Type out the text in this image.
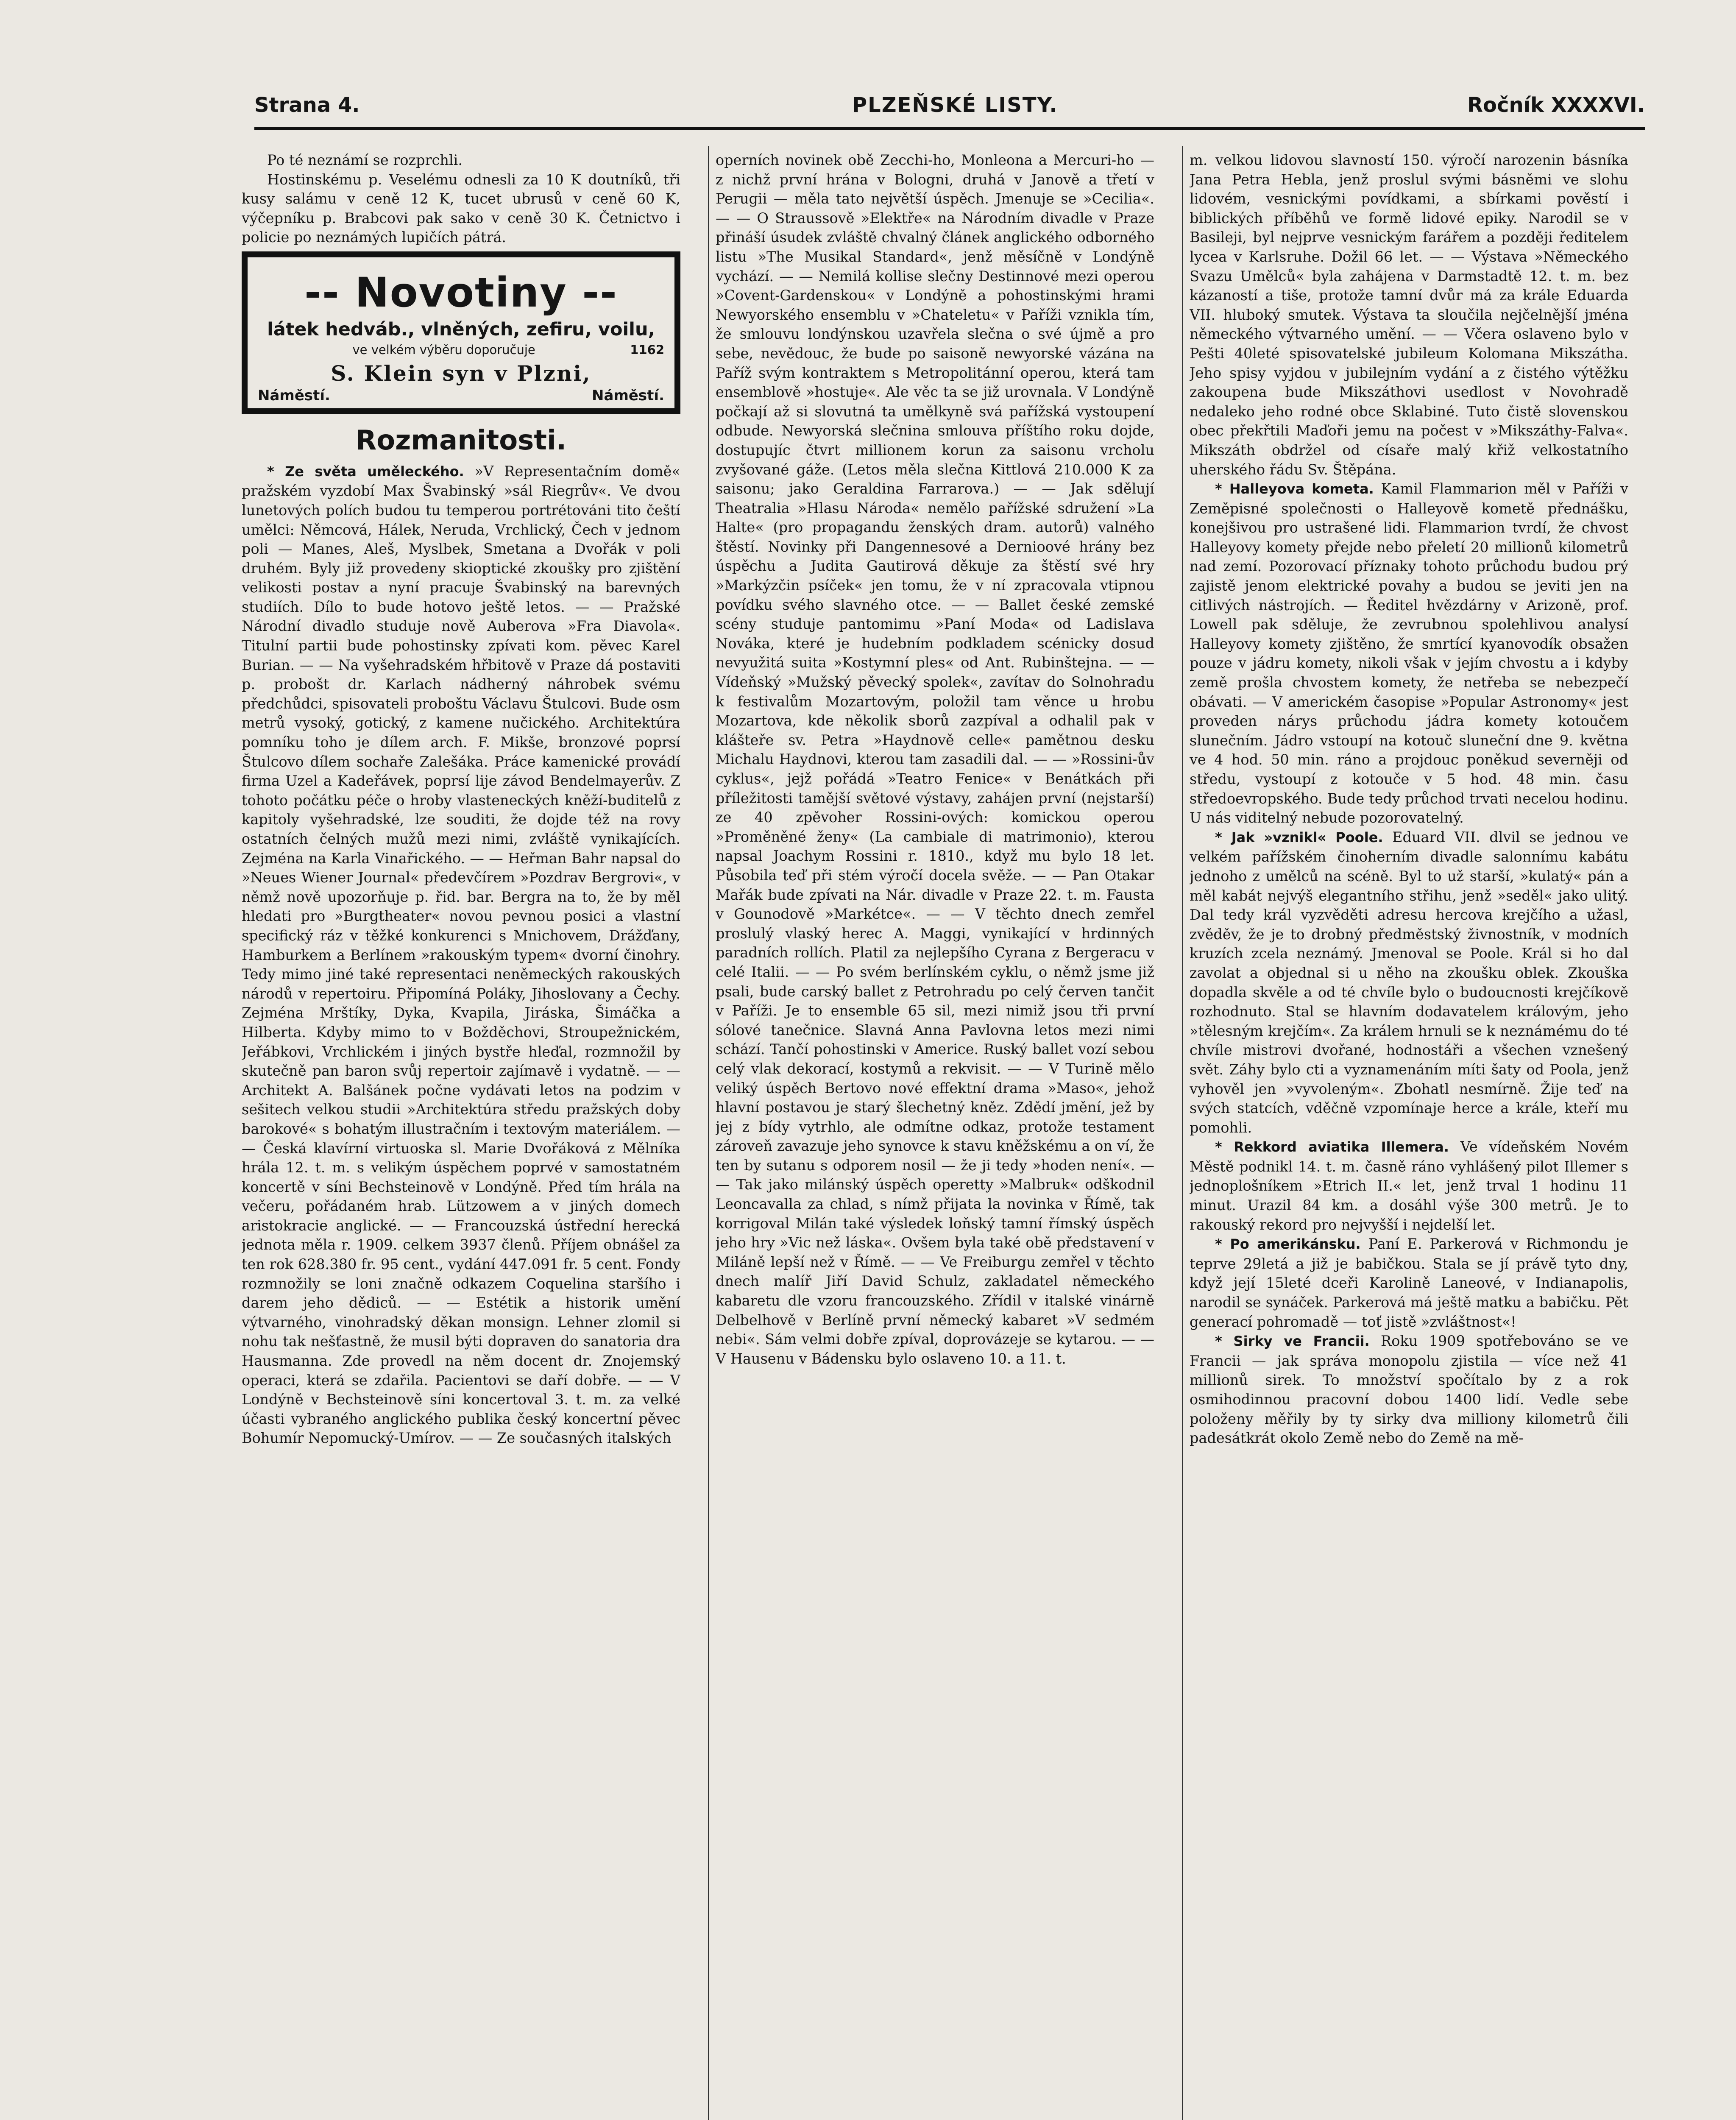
Strana 4.	PLZEŇSKÉ LISTY.	Ročník XXXXVI.

Po té neznámí se rozprchli.

Hostinskému p. Veselému odnesli za 10 K doutníků, tři kusy salámu v ceně 12 K, tucet ubrusů v ceně 60 K, výčepníku p. Brabcovi pak sako v ceně 30 K. Četnictvo i policie po neznámých lupičích pátrá.

-- Novotiny --
látek hedváb., vlněných, zefiru, voilu,
ve velkém výběru doporučuje	1162
S. Klein syn v Plzni,
Náměstí.	Náměstí.
Rozmanitosti.

* Ze světa uměleckého. »V Representačním domě« pražském vyzdobí Max Švabinský »sál Riegrův«. Ve dvou lunetových polích budou tu temperou portrétováni tito čeští umělci: Němcová, Hálek, Neruda, Vrchlický, Čech v jednom poli — Manes, Aleš, Myslbek, Smetana a Dvořák v poli druhém. Byly již provedeny skioptické zkoušky pro zjištění velikosti postav a nyní pracuje Švabinský na barevných studiích. Dílo to bude hotovo ještě letos. — — Pražské Národní divadlo studuje nově Auberova »Fra Diavola«. Titulní partii bude pohostinsky zpívati kom. pěvec Karel Burian. — — Na vyšehradském hřbitově v Praze dá postaviti p. probošt dr. Karlach nádherný náhrobek svému předchůdci, spisovateli proboštu Václavu Štulcovi. Bude osm metrů vysoký, gotický, z kamene nučického. Architektúra pomníku toho je dílem arch. F. Mikše, bronzové poprsí Štulcovo dílem sochaře Zalešáka. Práce kamenické provádí firma Uzel a Kadeřávek, poprsí lije závod Bendelmayerův. Z tohoto počátku péče o hroby vlasteneckých kněží-buditelů z kapitoly vyšehradské, lze souditi, že dojde též na rovy ostatních čelných mužů mezi nimi, zvláště vynikajících. Zejména na Karla Vinařického. — — Heřman Bahr napsal do »Neues Wiener Journal« předevčírem »Pozdrav Bergrovi«, v němž nově upozorňuje p. řid. bar. Bergra na to, že by měl hledati pro »Burgtheater« novou pevnou posici a vlastní specifický ráz v těžké konkurenci s Mnichovem, Drážďany, Hamburkem a Berlínem »rakouským typem« dvorní činohry. Tedy mimo jiné také representaci neněmeckých rakouských národů v repertoiru. Připomíná Poláky, Jihoslovany a Čechy. Zejména Mrštíky, Dyka, Kvapila, Jiráska, Šimáčka a Hilberta. Kdyby mimo to v Božděchovi, Stroupežnickém, Jeřábkovi, Vrchlickém i jiných bystře hleďal, rozmnožil by skutečně pan baron svůj repertoir zajímavě i vydatně. — — Architekt A. Balšánek počne vydávati letos na podzim v sešitech velkou studii »Architektúra středu pražských doby barokové« s bohatým illustračním i textovým materiálem. — — Česká klavírní virtuoska sl. Marie Dvořáková z Mělníka hrála 12. t. m. s velikým úspěchem poprvé v samostatném koncertě v síni Bechsteinově v Londýně. Před tím hrála na večeru, pořádaném hrab. Lützowem a v jiných domech aristokracie anglické. — — Francouzská ústřední herecká jednota měla r. 1909. celkem 3937 členů. Příjem obnášel za ten rok 628.380 fr. 95 cent., vydání 447.091 fr. 5 cent. Fondy rozmnožily se loni značně odkazem Coquelina staršího i darem jeho dědiců. — — Estétik a historik umění výtvarného, vinohradský děkan monsign. Lehner zlomil si nohu tak nešťastně, že musil býti dopraven do sanatoria dra Hausmanna. Zde provedl na něm docent dr. Znojemský operaci, která se zdařila. Pacientovi se daří dobře. — — V Londýně v Bechsteinově síni koncertoval 3. t. m. za velké účasti vybraného anglického publika český koncertní pěvec Bohumír Nepomucký-Umírov. — — Ze současných italských

operních novinek obě Zecchi-ho, Monleona a Mercuri-ho — z nichž první hrána v Bologni, druhá v Janově a třetí v Perugii — měla tato největší úspěch. Jmenuje se »Cecilia«. — — O Straussově »Elektře« na Národním divadle v Praze přináší úsudek zvláště chvalný článek anglického odborného listu »The Musikal Standard«, jenž měsíčně v Londýně vychází. — — Nemilá kollise slečny Destinnové mezi operou »Covent-Gardenskou« v Londýně a pohostinskými hrami Newyorského ensemblu v »Chateletu« v Paříži vznikla tím, že smlouvu londýnskou uzavřela slečna o své újmě a pro sebe, nevědouc, že bude po saisoně newyorské vázána na Paříž svým kontraktem s Metropolitánní operou, která tam ensemblově »hostuje«. Ale věc ta se již urovnala. V Londýně počkají až si slovutná ta umělkyně svá pařížská vystoupení odbude. Newyorská slečnina smlouva příštího roku dojde, dostupujíc čtvrt millionem korun za saisonu vrcholu zvyšované gáže. (Letos měla slečna Kittlová 210.000 K za saisonu; jako Geraldina Farrarova.) — — Jak sdělují Theatralia »Hlasu Národa« nemělo pařížské sdružení »La Halte« (pro propagandu ženských dram. autorů) valného štěstí. Novinky při Dangennesové a Dernioové hrány bez úspěchu a Judita Gautirová děkuje za štěstí své hry »Markýzčin psíček« jen tomu, že v ní zpracovala vtipnou povídku svého slavného otce. — — Ballet české zemské scény studuje pantomimu »Paní Moda« od Ladislava Nováka, které je hudebním podkladem scénicky dosud nevyužitá suita »Kostymní ples« od Ant. Rubinštejna. — — Vídeňský »Mužský pěvecký spolek«, zavítav do Solnohradu k festivalům Mozartovým, položil tam věnce u hrobu Mozartova, kde několik sborů zazpíval a odhalil pak v klášteře sv. Petra »Haydnově celle« pamětnou desku Michalu Haydnovi, kterou tam zasadili dal. — — »Rossini-ův cyklus«, jejž pořádá »Teatro Fenice« v Benátkách při příležitosti tamější světové výstavy, zahájen první (nejstarší) ze 40 zpěvoher Rossini-ových: komickou operou »Proměněné ženy« (La cambiale di matrimonio), kterou napsal Joachym Rossini r. 1810., když mu bylo 18 let. Působila teď při stém výročí docela svěže. — — Pan Otakar Mařák bude zpívati na Nár. divadle v Praze 22. t. m. Fausta v Gounodově »Markétce«. — — V těchto dnech zemřel proslulý vlaský herec A. Maggi, vynikající v hrdinných paradních rollích. Platil za nejlepšího Cyrana z Bergeracu v celé Italii. — — Po svém berlínském cyklu, o němž jsme již psali, bude carský ballet z Petrohradu po celý červen tančit v Paříži. Je to ensemble 65 sil, mezi nimiž jsou tři první sólové tanečnice. Slavná Anna Pavlovna letos mezi nimi schází. Tančí pohostinski v Americe. Ruský ballet vozí sebou celý vlak dekorací, kostymů a rekvisit. — — V Turině mělo veliký úspěch Bertovo nové effektní drama »Maso«, jehož hlavní postavou je starý šlechetný kněz. Zdědí jmění, jež by jej z bídy vytrhlo, ale odmítne odkaz, protože testament zároveň zavazuje jeho synovce k stavu kněžskému a on ví, že ten by sutanu s odporem nosil — že ji tedy »hoden není«. — — Tak jako milánský úspěch operetty »Malbruk« odškodnil Leoncavalla za chlad, s nímž přijata la novinka v Římě, tak korrigoval Milán také výsledek loňský tamní římský úspěch jeho hry »Vic než láska«. Ovšem byla také obě představení v Miláně lepší než v Římě. — — Ve Freiburgu zemřel v těchto dnech malíř Jiří David Schulz, zakladatel německého kabaretu dle vzoru francouzského. Zřídil v italské vinárně Delbelhově v Berlíně první německý kabaret »V sedmém nebi«. Sám velmi dobře zpíval, doprovázeje se kytarou. — — V Hausenu v Bádensku bylo oslaveno 10. a 11. t.

m. velkou lidovou slavností 150. výročí narozenin básníka Jana Petra Hebla, jenž proslul svými básněmi ve slohu lidovém, vesnickými povídkami, a sbírkami pověstí i biblických příběhů ve formě lidové epiky. Narodil se v Basileji, byl nejprve vesnickým farářem a později ředitelem lycea v Karlsruhe. Dožil 66 let. — — Výstava »Německého Svazu Umělců« byla zahájena v Darmstadtě 12. t. m. bez kázaností a tiše, protože tamní dvůr má za krále Eduarda VII. hluboký smutek. Výstava ta sloučila nejčelnější jména německého výtvarného umění. — — Včera oslaveno bylo v Pešti 40leté spisovatelské jubileum Kolomana Mikszátha. Jeho spisy vyjdou v jubilejním vydání a z čistého výtěžku zakoupena bude Mikszáthovi usedlost v Novohradě nedaleko jeho rodné obce Sklabiné. Tuto čistě slovenskou obec překřtili Maďoři jemu na počest v »Mikszáthy-Falva«. Mikszáth obdržel od císaře malý křiž velkostatního uherského řádu Sv. Štěpána.

* Halleyova kometa. Kamil Flammarion měl v Paříži v Zeměpisné společnosti o Halleyově kometě přednášku, konejšivou pro ustrašené lidi. Flammarion tvrdí, že chvost Halleyovy komety přejde nebo přeletí 20 millionů kilometrů nad zemí. Pozorovací příznaky tohoto průchodu budou prý zajistě jenom elektrické povahy a budou se jeviti jen na citlivých nástrojích. — Ředitel hvězdárny v Arizoně, prof. Lowell pak sděluje, že zevrubnou spolehlivou analysí Halleyovy komety zjištěno, že smrtící kyanovodík obsažen pouze v jádru komety, nikoli však v jejím chvostu a i kdyby země prošla chvostem komety, že netřeba se nebezpečí obávati. — V americkém časopise »Popular Astronomy« jest proveden nárys průchodu jádra komety kotoučem slunečním. Jádro vstoupí na kotouč sluneční dne 9. května ve 4 hod. 50 min. ráno a projdouc poněkud severněji od středu, vystoupí z kotouče v 5 hod. 48 min. času středoevropského. Bude tedy průchod trvati necelou hodinu. U nás viditelný nebude pozorovatelný.

* Jak »vznikl« Poole. Eduard VII. dlvil se jednou ve velkém pařížském činoherním divadle salonnímu kabátu jednoho z umělců na scéně. Byl to už starší, »kulatý« pán a měl kabát nejvýš elegantního střihu, jenž »seděl« jako ulitý. Dal tedy král vyzvěděti adresu hercova krejčího a užasl, zvěděv, že je to drobný předměstský živnostník, v modních kruzích zcela neznámý. Jmenoval se Poole. Král si ho dal zavolat a objednal si u něho na zkoušku oblek. Zkouška dopadla skvěle a od té chvíle bylo o budoucnosti krejčíkově rozhodnuto. Stal se hlavním dodavatelem královým, jeho »tělesným krejčím«. Za králem hrnuli se k neznámému do té chvíle mistrovi dvořané, hodnostáři a všechen vznešený svět. Záhy bylo cti a vyznamenáním míti šaty od Poola, jenž vyhověl jen »vyvoleným«. Zbohatl nesmírně. Žije teď na svých statcích, vděčně vzpomínaje herce a krále, kteří mu pomohli.

* Rekkord aviatika Illemera. Ve vídeňském Novém Městě podnikl 14. t. m. časně ráno vyhlášený pilot Illemer s jednoplošníkem »Etrich II.« let, jenž trval 1 hodinu 11 minut. Urazil 84 km. a dosáhl výše 300 metrů. Je to rakouský rekord pro nejvyšší i nejdelší let.

* Po amerikánsku. Paní E. Parkerová v Richmondu je teprve 29letá a již je babičkou. Stala se jí právě tyto dny, když její 15leté dceři Karolině Laneové, v Indianapolis, narodil se synáček. Parkerová má ještě matku a babičku. Pět generací pohromadě — toť jistě »zvláštnost«!

* Sirky ve Francii. Roku 1909 spotřebováno se ve Francii — jak správa monopolu zjistila — více než 41 millionů sirek. To množství spočítalo by z a rok osmihodinnou pracovní dobou 1400 lidí. Vedle sebe položeny měřily by ty sirky dva milliony kilometrů čili padesátkrát okolo Země nebo do Země na mě-
